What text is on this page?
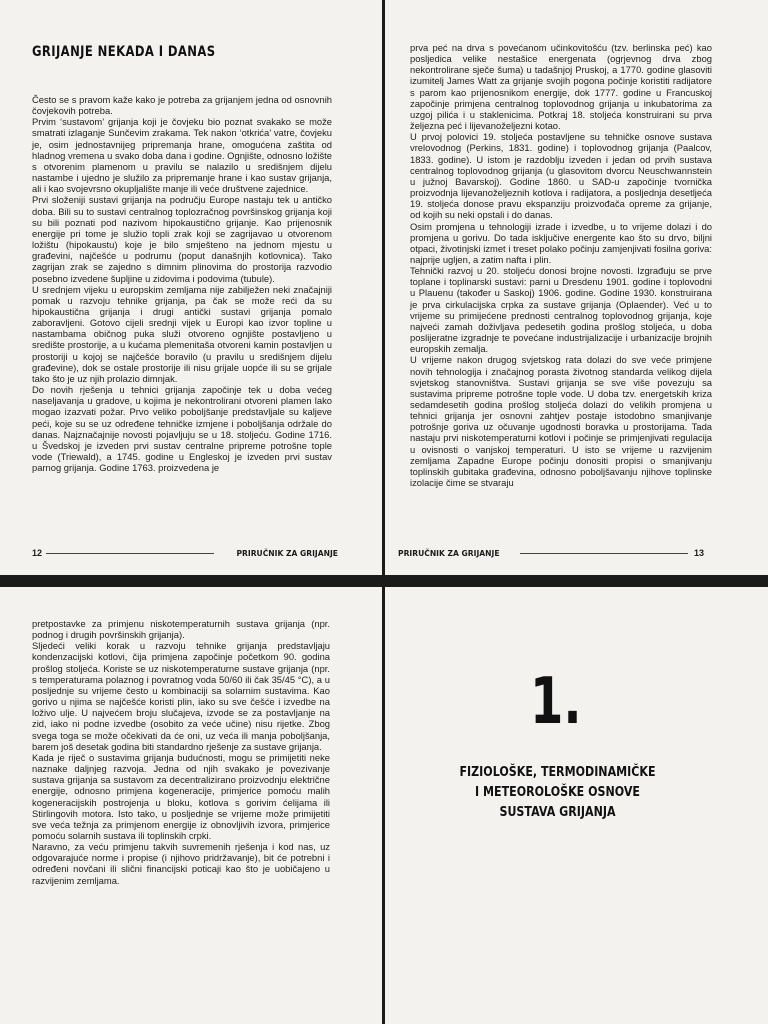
GRIJANJE NEKADA I DANAS

Često se s pravom kaže kako je potreba za grijanjem jedna od osnovnih čovjekovih potreba.

Prvim ‘sustavom’ grijanja koji je čovjeku bio poznat svakako se može smatrati izlaganje Sunčevim zrakama. Tek nakon ‘otkrića’ vatre, čovjeku je, osim jednostavnijeg pripremanja hrane, omogućena zaštita od hladnog vremena u svako doba dana i godine. Ognjište, odnosno ložište s otvorenim plamenom u pravilu se nalazilo u središnjem dijelu nastambe i ujedno je služilo za pripremanje hrane i kao sustav grijanja, ali i kao svojevrsno okupljalište manje ili veće društvene zajednice.

Prvi složeniji sustavi grijanja na području Europe nastaju tek u antičko doba. Bili su to sustavi centralnog toplozračnog površinskog grijanja koji su bili poznati pod nazivom hipokaustično grijanje. Kao prijenosnik energije pri tome je služio topli zrak koji se zagrijavao u otvorenom ložištu (hipokaustu) koje je bilo smješteno na jednom mjestu u građevini, najčešće u podrumu (poput današnjih kotlovnica). Tako zagrijan zrak se zajedno s dimnim plinovima do prostorija razvodio posebno izvedene šupljine u zidovima i podovima (tubule).

U srednjem vijeku u europskim zemljama nije zabilježen neki značajniji pomak u razvoju tehnike grijanja, pa čak se može reći da su hipokaustična grijanja i drugi antički sustavi grijanja pomalo zaboravljeni. Gotovo cijeli srednji vijek u Europi kao izvor topline u nastambama običnog puka služi otvoreno ognjište postavljeno u središte prostorije, a u kućama plemenitaša otvoreni kamin postavljen u prostoriji u kojoj se najčešće boravilo (u pravilu u središnjem dijelu građevine), dok se ostale prostorije ili nisu grijale uopće ili su se grijale tako što je uz njih prolazio dimnjak.

Do novih rješenja u tehnici grijanja započinje tek u doba većeg naseljavanja u gradove, u kojima je nekontrolirani otvoreni plamen lako mogao izazvati požar. Prvo veliko poboljšanje predstavljale su kaljeve peći, koje su se uz određene tehničke izmjene i poboljšanja održale do danas. Najznačajnije novosti pojavljuju se u 18. stoljeću. Godine 1716. u Švedskoj je izveden prvi sustav centralne pripreme potrošne tople vode (Triewald), a 1745. godine u Engleskoj je izveden prvi sustav parnog grijanja. Godine 1763. proizvedena je

12	PRIRUČNIK ZA GRIJANJE

prva peć na drva s povećanom učinkovitošću (tzv. berlinska peć) kao posljedica velike nestašice energenata (ogrjevnog drva zbog nekontrolirane sječe šuma) u tadašnjoj Pruskoj, a 1770. godine glasoviti izumitelj James Watt za grijanje svojih pogona počinje koristiti radijatore s parom kao prijenosnikom energije, dok 1777. godine u Francuskoj započinje primjena centralnog toplovodnog grijanja u inkubatorima za uzgoj pilića i u staklenicima. Potkraj 18. stoljeća konstruirani su prva željezna peć i lijevanoželjezni kotao.

U prvoj polovici 19. stoljeća postavljene su tehničke osnove sustava vrelovodnog (Perkins, 1831. godine) i toplovodnog grijanja (Paalcov, 1833. godine). U istom je razdoblju izveden i jedan od prvih sustava centralnog toplovodnog grijanja (u glasovitom dvorcu Neuschwannstein u južnoj Bavarskoj). Godine 1860. u SAD-u započinje tvornička proizvodnja lijevanoželjeznih kotlova i radijatora, a posljednja desetljeća 19. stoljeća donose pravu ekspanziju proizvođača opreme za grijanje, od kojih su neki opstali i do danas.

Osim promjena u tehnologiji izrade i izvedbe, u to vrijeme dolazi i do promjena u gorivu. Do tada isključive energente kao što su drvo, biljni otpaci, životinjski izmet i treset polako počinju zamjenjivati fosilna goriva: najprije ugljen, a zatim nafta i plin.

Tehnički razvoj u 20. stoljeću donosi brojne novosti. Izgrađuju se prve toplane i toplinarski sustavi: parni u Dresdenu 1901. godine i toplovodni u Plauenu (također u Saskoj) 1906. godine. Godine 1930. konstruirana je prva cirkulacijska crpka za sustave grijanja (Oplaender). Već u to vrijeme su primijećene prednosti centralnog toplovodnog grijanja, koje najveći zamah doživljava pedesetih godina prošlog stoljeća, u doba poslijeratne izgradnje te povećane industrijalizacije i urbanizacije brojnih europskih zemalja.

U vrijeme nakon drugog svjetskog rata dolazi do sve veće primjene novih tehnologija i značajnog porasta životnog standarda velikog dijela svjetskog stanovništva. Sustavi grijanja se sve više povezuju sa sustavima pripreme potrošne tople vode. U doba tzv. energetskih kriza sedamdesetih godina prošlog stoljeća dolazi do velikih promjena u tehnici grijanja jer osnovni zahtjev postaje istodobno smanjivanje potrošnje goriva uz očuvanje ugodnosti boravka u prostorijama. Tada nastaju prvi niskotemperaturni kotlovi i počinje se primjenjivati regulacija u ovisnosti o vanjskoj temperaturi. U isto se vrijeme u razvijenim zemljama Zapadne Europe počinju donositi propisi o smanjivanju toplinskih gubitaka građevina, odnosno poboljšavanju njihove toplinske izolacije čime se stvaraju

PRIRUČNIK ZA GRIJANJE	13

pretpostavke za primjenu niskotemperaturnih sustava grijanja (npr. podnog i drugih površinskih grijanja).

Sljedeći veliki korak u razvoju tehnike grijanja predstavljaju kondenzacijski kotlovi, čija primjena započinje početkom 90. godina prošlog stoljeća. Koriste se uz niskotemperaturne sustave grijanja (npr. s temperaturama polaznog i povratnog voda 50/60 ili čak 35/45 °C), a u posljednje su vrijeme često u kombinaciji sa solarnim sustavima. Kao gorivo u njima se najčešće koristi plin, iako su sve češće i izvedbe na loživo ulje. U najvećem broju slučajeva, izvode se za postavljanje na zid, iako ni podne izvedbe (osobito za veće učine) nisu rijetke. Zbog svega toga se može očekivati da će oni, uz veća ili manja poboljšanja, barem još desetak godina biti standardno rješenje za sustave grijanja.

Kada je riječ o sustavima grijanja budućnosti, mogu se primijetiti neke naznake daljnjeg razvoja. Jedna od njih svakako je povezivanje sustava grijanja sa sustavom za decentralizirano proizvodnju električne energije, odnosno primjena kogeneracije, primjerice pomoću malih kogeneracijskih postrojenja u bloku, kotlova s gorivim ćelijama ili Stirlingovih motora. Isto tako, u posljednje se vrijeme može primijetiti sve veća težnja za primjenom energije iz obnovljivih izvora, primjerice pomoću solarnih sustava ili toplinskih crpki.

Naravno, za veću primjenu takvih suvremenih rješenja i kod nas, uz odgovarajuće norme i propise (i njihovo pridržavanje), bit će potrebni i određeni novčani ili slični financijski poticaji kao što je uobičajeno u razvijenim zemljama.

1.
FIZIOLOŠKE, TERMODINAMIČKE
I METEOROLOŠKE OSNOVE
SUSTAVA GRIJANJA
